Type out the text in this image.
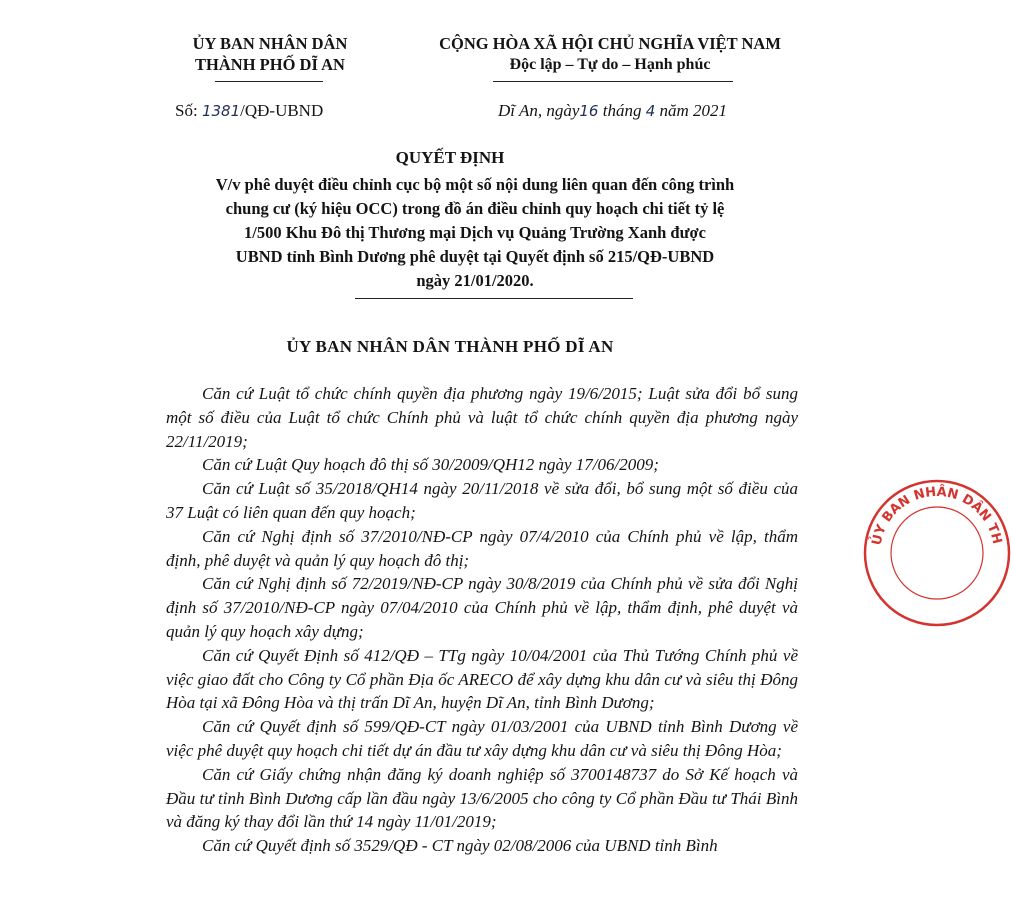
ỦY BAN NHÂN DÂN
THÀNH PHỐ DĨ AN
CỘNG HÒA XÃ HỘI CHỦ NGHĨA VIỆT NAM
Độc lập – Tự do – Hạnh phúc
Số: 1381/QĐ-UBND	Dĩ An, ngày16 tháng 4 năm 2021
QUYẾT ĐỊNH
V/v phê duyệt điều chỉnh cục bộ một số nội dung liên quan đến công trình
chung cư (ký hiệu OCC) trong đồ án điều chỉnh quy hoạch chi tiết tỷ lệ
1/500 Khu Đô thị Thương mại Dịch vụ Quảng Trường Xanh được
UBND tỉnh Bình Dương phê duyệt tại Quyết định số 215/QĐ-UBND
ngày 21/01/2020.
ỦY BAN NHÂN DÂN THÀNH PHỐ DĨ AN

Căn cứ Luật tổ chức chính quyền địa phương ngày 19/6/2015; Luật sửa đổi bổ sung một số điều của Luật tổ chức Chính phủ và luật tổ chức chính quyền địa phương ngày 22/11/2019;

Căn cứ Luật Quy hoạch đô thị số 30/2009/QH12 ngày 17/06/2009;

Căn cứ Luật số 35/2018/QH14 ngày 20/11/2018 về sửa đổi, bổ sung một số điều của 37 Luật có liên quan đến quy hoạch;

Căn cứ Nghị định số 37/2010/NĐ-CP ngày 07/4/2010 của Chính phủ về lập, thẩm định, phê duyệt và quản lý quy hoạch đô thị;

Căn cứ Nghị định số 72/2019/NĐ-CP ngày 30/8/2019 của Chính phủ về sửa đổi Nghị định số 37/2010/NĐ-CP ngày 07/04/2010 của Chính phủ về lập, thẩm định, phê duyệt và quản lý quy hoạch xây dựng;

Căn cứ Quyết Định số 412/QĐ – TTg ngày 10/04/2001 của Thủ Tướng Chính phủ về việc giao đất cho Công ty Cổ phần Địa ốc ARECO để xây dựng khu dân cư và siêu thị Đông Hòa tại xã Đông Hòa và thị trấn Dĩ An, huyện Dĩ An, tỉnh Bình Dương;

Căn cứ Quyết định số 599/QĐ-CT ngày 01/03/2001 của UBND tỉnh Bình Dương về việc phê duyệt quy hoạch chi tiết dự án đầu tư xây dựng khu dân cư và siêu thị Đông Hòa;

Căn cứ Giấy chứng nhận đăng ký doanh nghiệp số 3700148737 do Sở Kế hoạch và Đầu tư tỉnh Bình Dương cấp lần đầu ngày 13/6/2005 cho công ty Cổ phần Đầu tư Thái Bình và đăng ký thay đổi lần thứ 14 ngày 11/01/2019;

Căn cứ Quyết định số 3529/QĐ - CT ngày 02/08/2006 của UBND tỉnh Bình

ỦY BAN NHÂN DÂN TH
